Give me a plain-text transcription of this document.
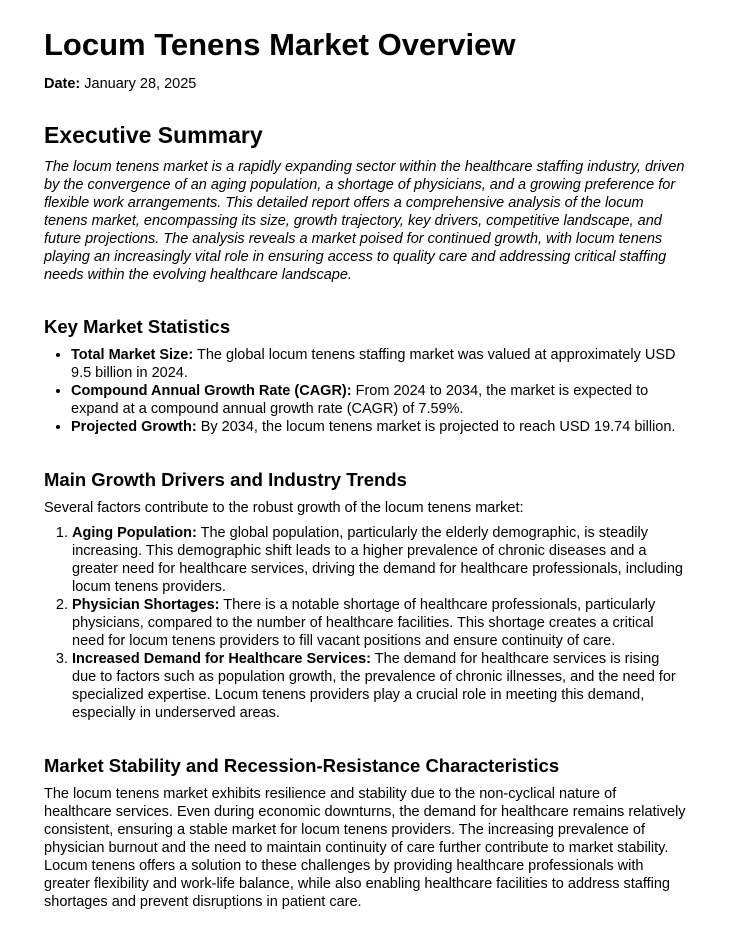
Locum Tenens Market Overview
Date: January 28, 2025
Executive Summary

The locum tenens market is a rapidly expanding sector within the healthcare staffing industry, driven by the convergence of an aging population, a shortage of physicians, and a growing preference for flexible work arrangements. This detailed report offers a comprehensive analysis of the locum tenens market, encompassing its size, growth trajectory, key drivers, competitive landscape, and future projections. The analysis reveals a market poised for continued growth, with locum tenens playing an increasingly vital role in ensuring access to quality care and addressing critical staffing needs within the evolving healthcare landscape.

Key Market Statistics
• Total Market Size: The global locum tenens staffing market was valued at approximately USD 9.5 billion in 2024.
• Compound Annual Growth Rate (CAGR): From 2024 to 2034, the market is expected to expand at a compound annual growth rate (CAGR) of 7.59%.
• Projected Growth: By 2034, the locum tenens market is projected to reach USD 19.74 billion.
Main Growth Drivers and Industry Trends

Several factors contribute to the robust growth of the locum tenens market:

1. Aging Population: The global population, particularly the elderly demographic, is steadily increasing. This demographic shift leads to a higher prevalence of chronic diseases and a greater need for healthcare services, driving the demand for healthcare professionals, including locum tenens providers.
2. Physician Shortages: There is a notable shortage of healthcare professionals, particularly physicians, compared to the number of healthcare facilities. This shortage creates a critical need for locum tenens providers to fill vacant positions and ensure continuity of care.
3. Increased Demand for Healthcare Services: The demand for healthcare services is rising due to factors such as population growth, the prevalence of chronic illnesses, and the need for specialized expertise. Locum tenens providers play a crucial role in meeting this demand, especially in underserved areas.
Market Stability and Recession-Resistance Characteristics

The locum tenens market exhibits resilience and stability due to the non-cyclical nature of healthcare services. Even during economic downturns, the demand for healthcare remains relatively consistent, ensuring a stable market for locum tenens providers. The increasing prevalence of physician burnout and the need to maintain continuity of care further contribute to market stability. Locum tenens offers a solution to these challenges by providing healthcare professionals with greater flexibility and work-life balance, while also enabling healthcare facilities to address staffing shortages and prevent disruptions in patient care.
